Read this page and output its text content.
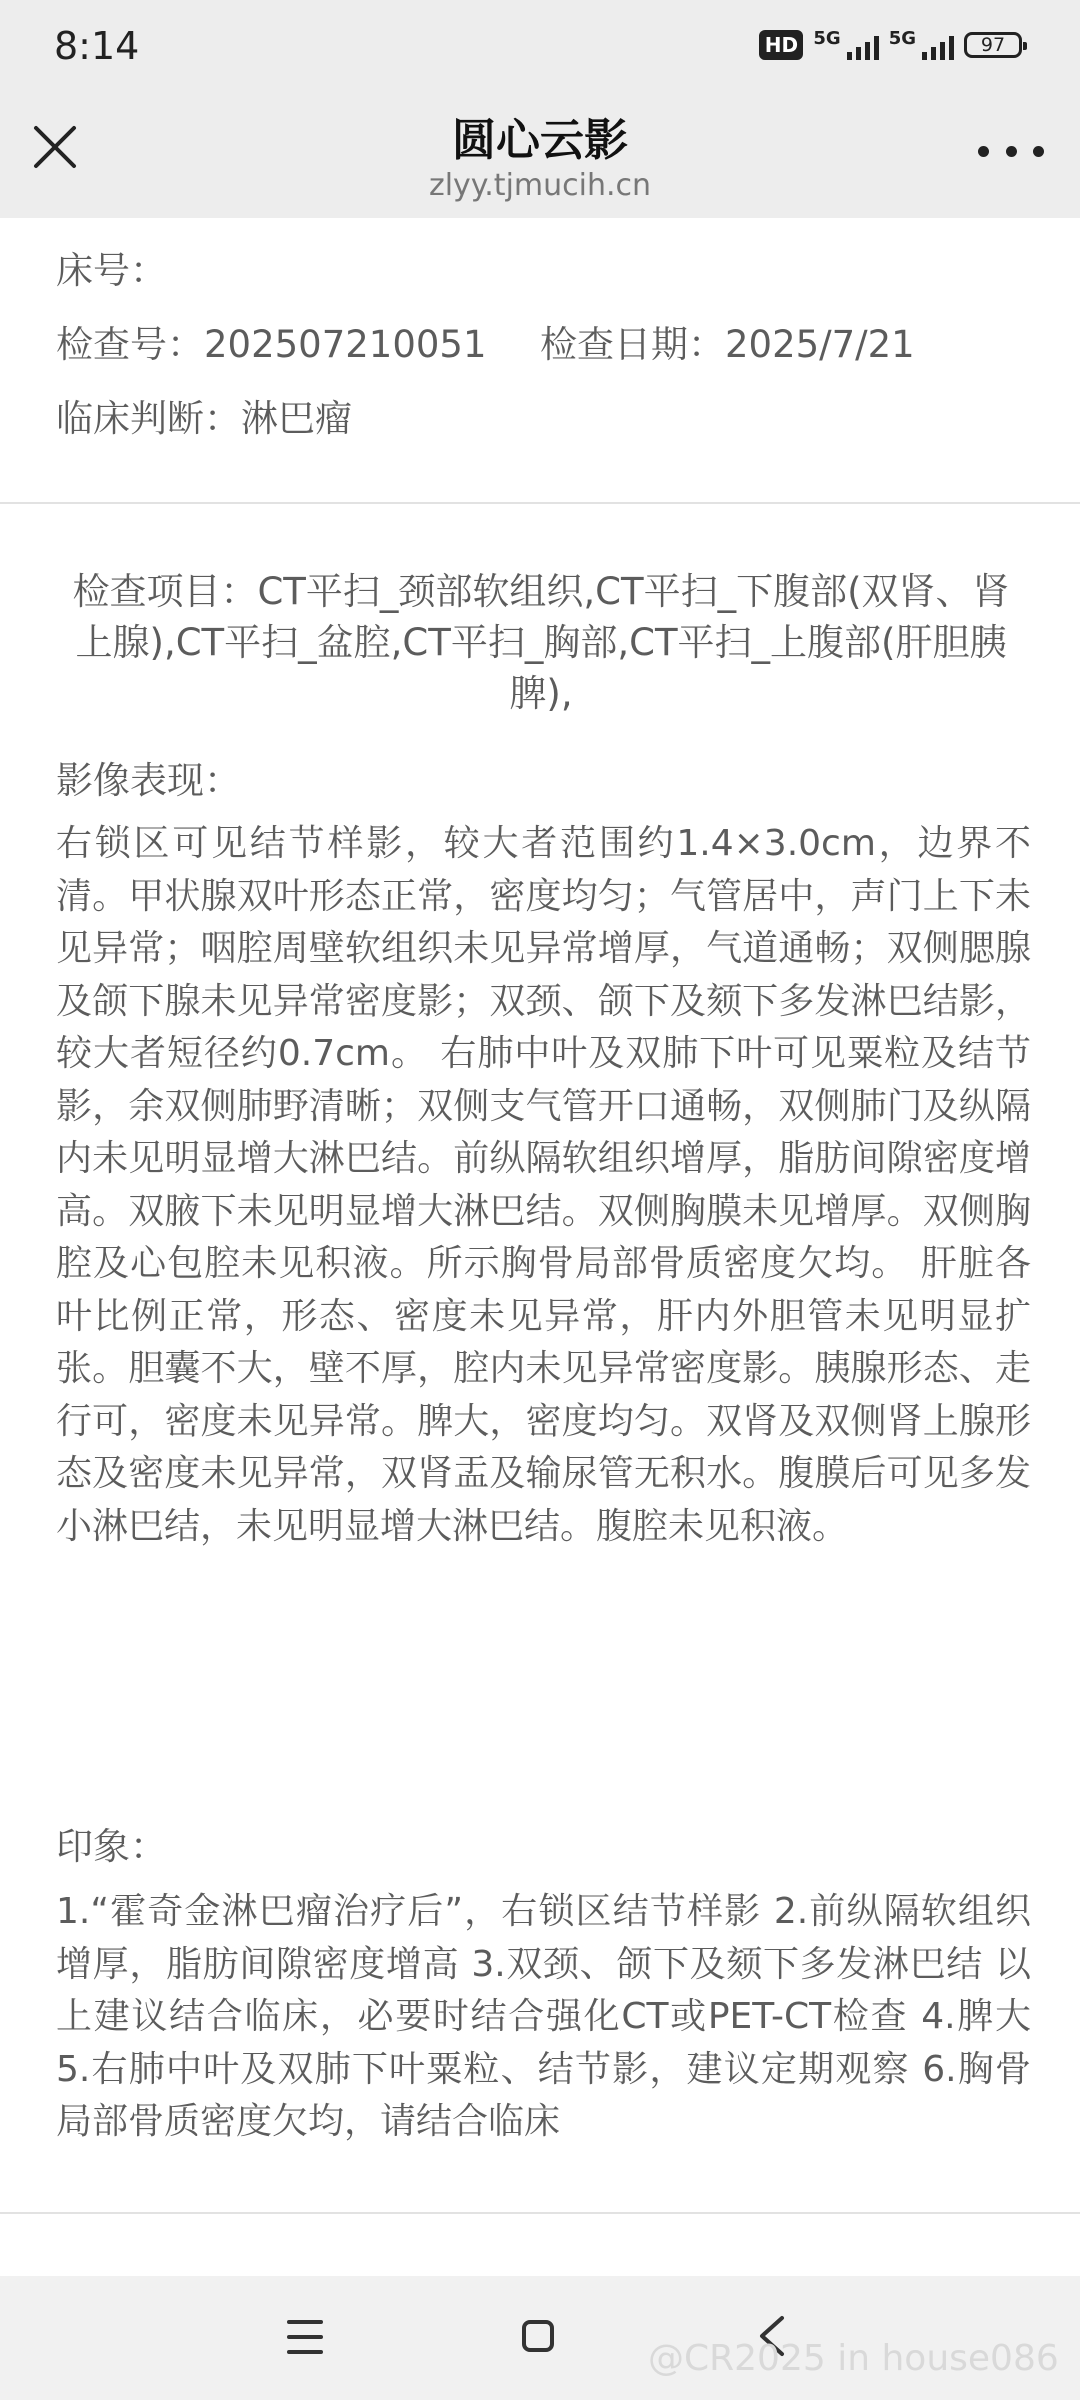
8:14	HD 5G	5G	97
圆心云影
zlyy.tjmucih.cn
床号：
检查号：202507210051 检查日期：2025/7/21
临床判断：淋巴瘤
检查项目：CT平扫_颈部软组织,CT平扫_下腹部(双肾、肾上腺),CT平扫_盆腔,CT平扫_胸部,CT平扫_上腹部(肝胆胰脾),
影像表现：
右锁区可见结节样影，较大者范围约1.4×3.0cm，边界不清。甲状腺双叶形态正常，密度均匀；气管居中，声门上下未见异常；咽腔周壁软组织未见异常增厚，气道通畅；双侧腮腺及颌下腺未见异常密度影；双颈、颌下及颏下多发淋巴结影，较大者短径约0.7cm。 右肺中叶及双肺下叶可见粟粒及结节影，余双侧肺野清晰；双侧支气管开口通畅，双侧肺门及纵隔内未见明显增大淋巴结。前纵隔软组织增厚，脂肪间隙密度增高。双腋下未见明显增大淋巴结。双侧胸膜未见增厚。双侧胸腔及心包腔未见积液。所示胸骨局部骨质密度欠均。 肝脏各叶比例正常，形态、密度未见异常，肝内外胆管未见明显扩张。胆囊不大，壁不厚，腔内未见异常密度影。胰腺形态、走行可，密度未见异常。脾大，密度均匀。双肾及双侧肾上腺形态及密度未见异常，双肾盂及输尿管无积水。腹膜后可见多发小淋巴结，未见明显增大淋巴结。腹腔未见积液。
印象：
1.“霍奇金淋巴瘤治疗后”，右锁区结节样影 2.前纵隔软组织增厚，脂肪间隙密度增高 3.双颈、颌下及颏下多发淋巴结 以上建议结合临床，必要时结合强化CT或PET-CT检查 4.脾大 5.右肺中叶及双肺下叶粟粒、结节影，建议定期观察 6.胸骨局部骨质密度欠均，请结合临床
@CR2025 in house086
